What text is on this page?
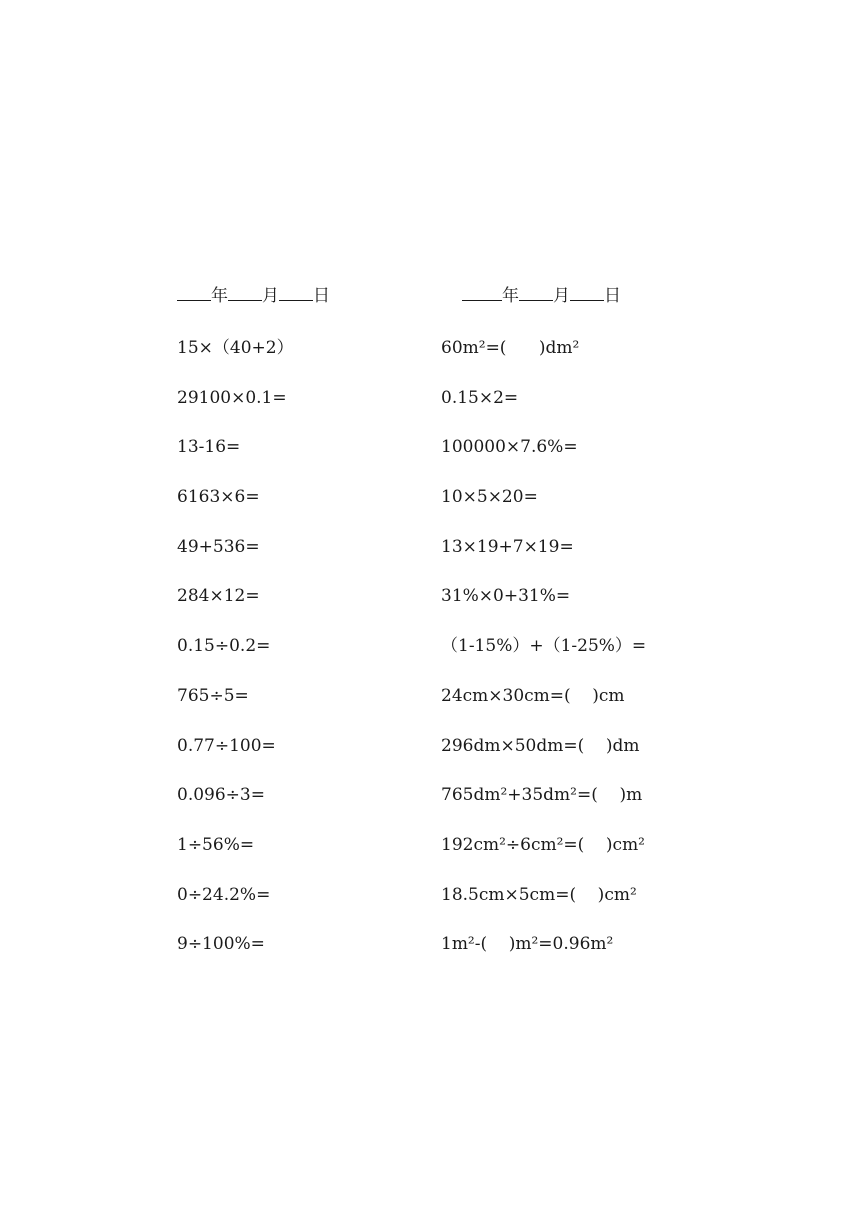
年 月 日
15×（40+2）
29100×0.1=
13-16=
6163×6=
49+536=
284×12=
0.15÷0.2=
765÷5=
0.77÷100=
0.096÷3=
1÷56%=
0÷24.2%=
9÷100%=
年 月 日
60m²=(      )dm²
0.15×2=
100000×7.6%=
10×5×20=
13×19+7×19=
31%×0+31%=
（1-15%）+（1-25%）=
24cm×30cm=(    )cm
296dm×50dm=(    )dm
765dm²+35dm²=(    )m
192cm²÷6cm²=(    )cm²
18.5cm×5cm=(    )cm²
1m²-(    )m²=0.96m²
